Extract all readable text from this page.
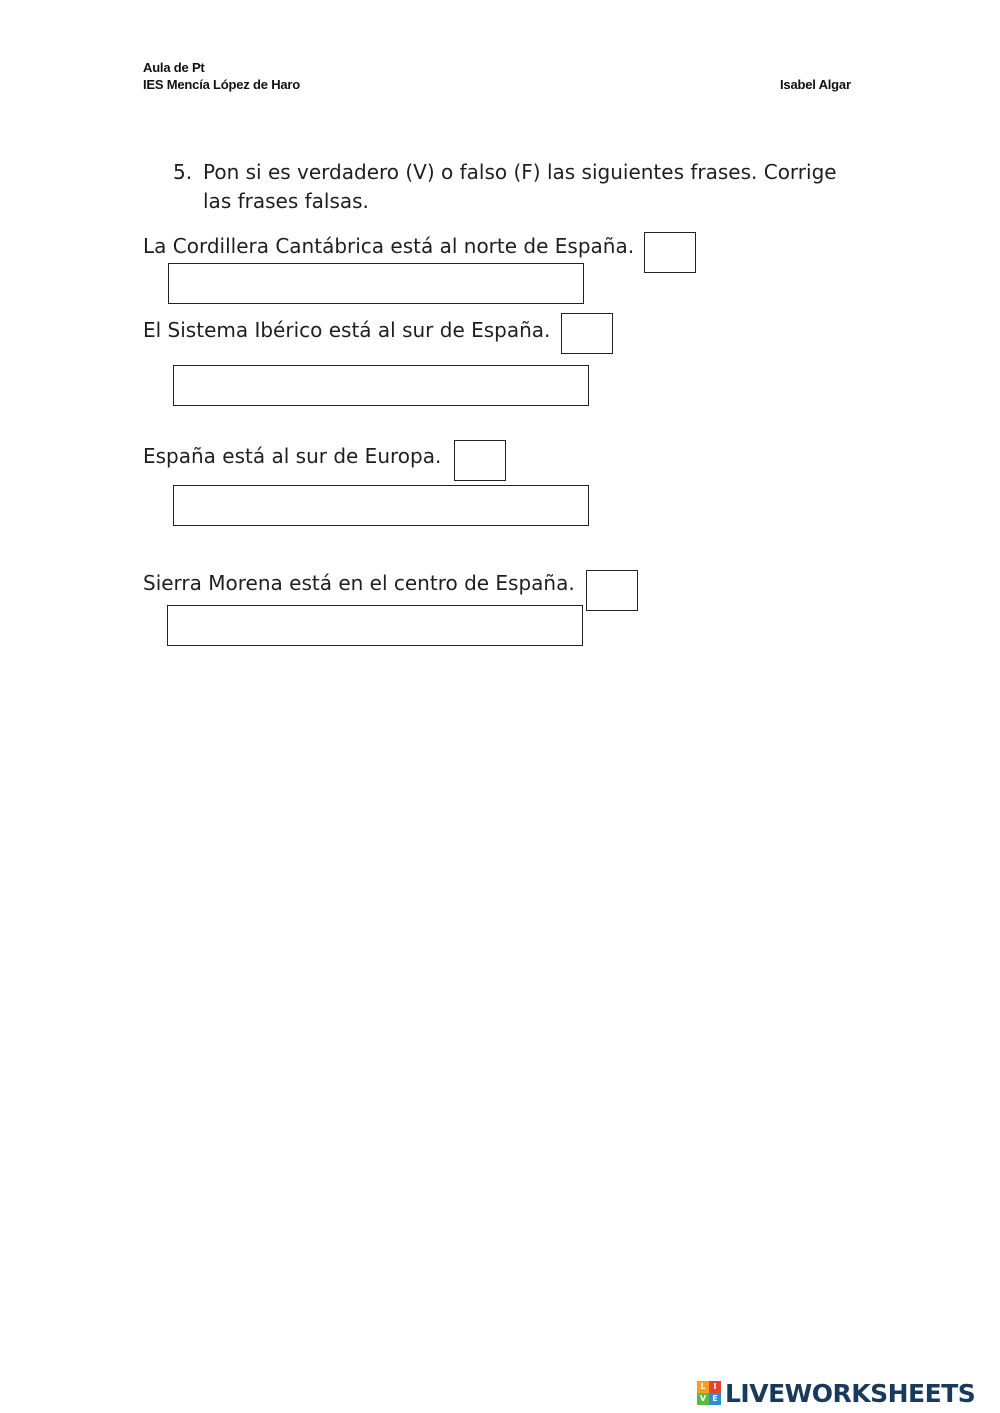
Aula de Pt
IES Mencía López de Haro	Isabel Algar
5. Pon si es verdadero (V) o falso (F) las siguientes frases. Corrige las frases falsas.
La Cordillera Cantábrica está al norte de España.
El Sistema Ibérico está al sur de España.
España está al sur de Europa.
Sierra Morena está en el centro de España.
L I
V E LIVEWORKSHEETS
